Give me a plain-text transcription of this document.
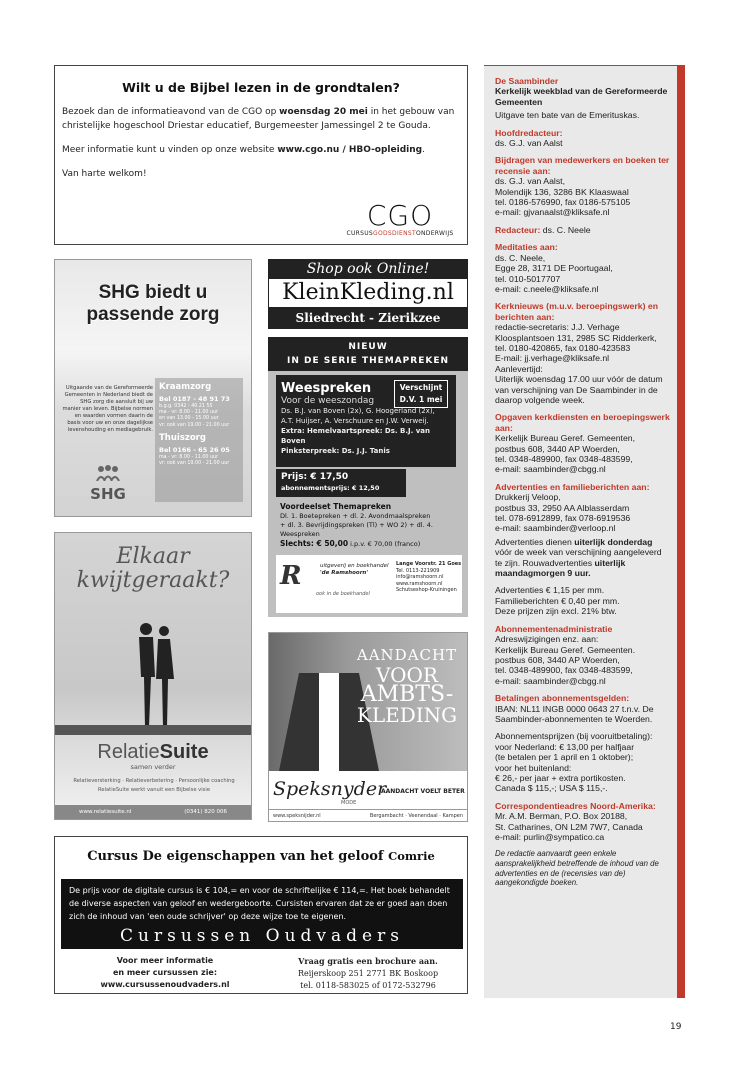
Wilt u de Bijbel lezen in de grondtalen?

Bezoek dan de informatieavond van de CGO op woensdag 20 mei in het gebouw van christelijke hogeschool Driestar educatief, Burgemeester Jamessingel 2 te Gouda.

Meer informatie kunt u vinden op onze website www.cgo.nu / HBO-opleiding.

Van harte welkom!

CGO
CURSUSGODSDIENSTONDERWIJS
SHG biedt u passende zorg
Uitgaande van de Gereformeerde Gemeenten in Nederland biedt de SHG zorg die aansluit bij uw manier van leven. Bijbelse normen en waarden vormen daarin de basis voor uw en onze dagelijkse levenshouding en mediagebruik.
Kraamzorg
Bel 0187 - 48 91 73
b.g.g. 0342 - 40 21 55
ma - vr: 8.00 - 11.00 uur
en van 13.00 - 15.00 uur
vr: ook van 19.00 - 21.00 uur
Thuiszorg
Bel 0166 - 65 26 05
ma - vr: 8.00 - 11.00 uur
vr: ook van 19.00 - 21.00 uur
SHG
Shop ook Online!
KleinKleding.nl
Sliedrecht - Zierikzee
NIEUW
IN DE SERIE THEMAPREKEN
Weespreken
Voor de weeszondag
Ds. B.J. van Boven (2x), G. Hoogerland (2x),
A.T. Huijser, A. Verschuure en J.W. Verweij.
Extra: Hemelvaartspreek: Ds. B.J. van Boven
Pinksterpreek: Ds. J.J. Tanis
Verschijnt
D.V. 1 mei
Prijs: € 17,50
abonnementsprijs: € 12,50
Voordeelset Themapreken
Dl. 1. Boetepreken + dl. 2. Avondmaalspreken
+ dl. 3. Bevrijdingspreken (Tl) + WO 2) + dl. 4. Weespreken
Slechts: € 50,00 i.p.v. € 70,00 (franco)
R	uitgeverij en boekhandel
'de Ramshoorn'
Lange Voorstr. 21 Goes
Tel. 0113-221909
info@ramshoorn.nl
www.ramshoorn.nl
Schutseshop-Kruiningen
ook in de boekhandel
Elkaar kwijtgeraakt?
RelatieSuite
samen verder
Relatieversterking · Relatieverbetering · Persoonlijke coaching
RelatieSuite werkt vanuit een Bijbelse visie
www.relatiesuite.nl	(0341) 820 006
AANDACHT
VOOR
AMBTS-
KLEDING
Speksnyder
MODE
AANDACHT VOELT BETER
www.speksnijder.nl	Bergambacht · Veenendaal · Kampen
Cursus De eigenschappen van het geloof Comrie
De prijs voor de digitale cursus is € 104,= en voor de schriftelijke € 114,=. Het boek behandelt de diverse aspecten van geloof en wedergeboorte. Cursisten ervaren dat ze er goed aan doen zich de inhoud van 'een oude schrijver' op deze wijze toe te eigenen.
Cursussen Oudvaders
Voor meer informatie
en meer cursussen zie:
www.cursussenoudvaders.nl
Vraag gratis een brochure aan.
Reijerskoop 251 2771 BK Boskoop
tel. 0118-583025 of 0172-532796
De Saambinder
Kerkelijk weekblad van de Gereformeerde Gemeenten
Uitgave ten bate van de Emerituskas.
Hoofdredacteur:
ds. G.J. van Aalst
Bijdragen van medewerkers en boeken ter recensie aan:
ds. G.J. van Aalst,
Molendijk 136, 3286 BK Klaaswaal
tel. 0186-576990, fax 0186-575105
e-mail: gjvanaalst@kliksafe.nl
Redacteur: ds. C. Neele
Meditaties aan:
ds. C. Neele,
Egge 28, 3171 DE Poortugaal,
tel. 010-5017707
e-mail: c.neele@kliksafe.nl
Kerknieuws (m.u.v. beroepingswerk) en berichten aan:
redactie-secretaris: J.J. Verhage
Kloosplantsoen 131, 2985 SC Ridderkerk,
tel. 0180-420865, fax 0180-423583
E-mail: jj.verhage@kliksafe.nl
Aanlevertijd:
Uiterlijk woensdag 17.00 uur vóór de datum van verschijning van De Saambinder in de daarop volgende week.
Opgaven kerkdiensten en beroepingswerk aan:
Kerkelijk Bureau Geref. Gemeenten,
postbus 608, 3440 AP Woerden,
tel. 0348-489900, fax 0348-483599,
e-mail: saambinder@cbgg.nl
Advertenties en familieberichten aan:
Drukkerij Veloop,
postbus 33, 2950 AA Alblasserdam
tel. 078-6912899, fax 078-6919536
e-mail: saambinder@verloop.nl
Advertenties dienen uiterlijk donderdag vóór de week van verschijning aangeleverd te zijn. Rouwadvertenties uiterlijk maandagmorgen 9 uur.
Advertenties € 1,15 per mm.
Familieberichten € 0,40 per mm.
Deze prijzen zijn excl. 21% btw.
Abonnementenadministratie
Adreswijzigingen enz. aan:
Kerkelijk Bureau Geref. Gemeenten.
postbus 608, 3440 AP Woerden,
tel. 0348-489900, fax 0348-483599,
e-mail: saambinder@cbgg.nl
Betalingen abonnementsgelden:
IBAN: NL11 INGB 0000 0643 27 t.n.v. De Saambinder-abonnementen te Woerden.
Abonnementsprijzen (bij vooruitbetaling):
voor Nederland: € 13,00 per halfjaar
(te betalen per 1 april en 1 oktober);
voor het buitenland:
€ 26,- per jaar + extra portikosten.
Canada $ 115,-; USA $ 115,-.
Correspondentieadres Noord-Amerika:
Mr. A.M. Berman, P.O. Box 20188,
St. Catharines, ON L2M 7W7, Canada
e-mail: purlin@sympatico.ca
De redactie aanvaardt geen enkele aansprakelijkheid betreffende de inhoud van de advertenties en de (recensies van de) aangekondigde boeken.
19
